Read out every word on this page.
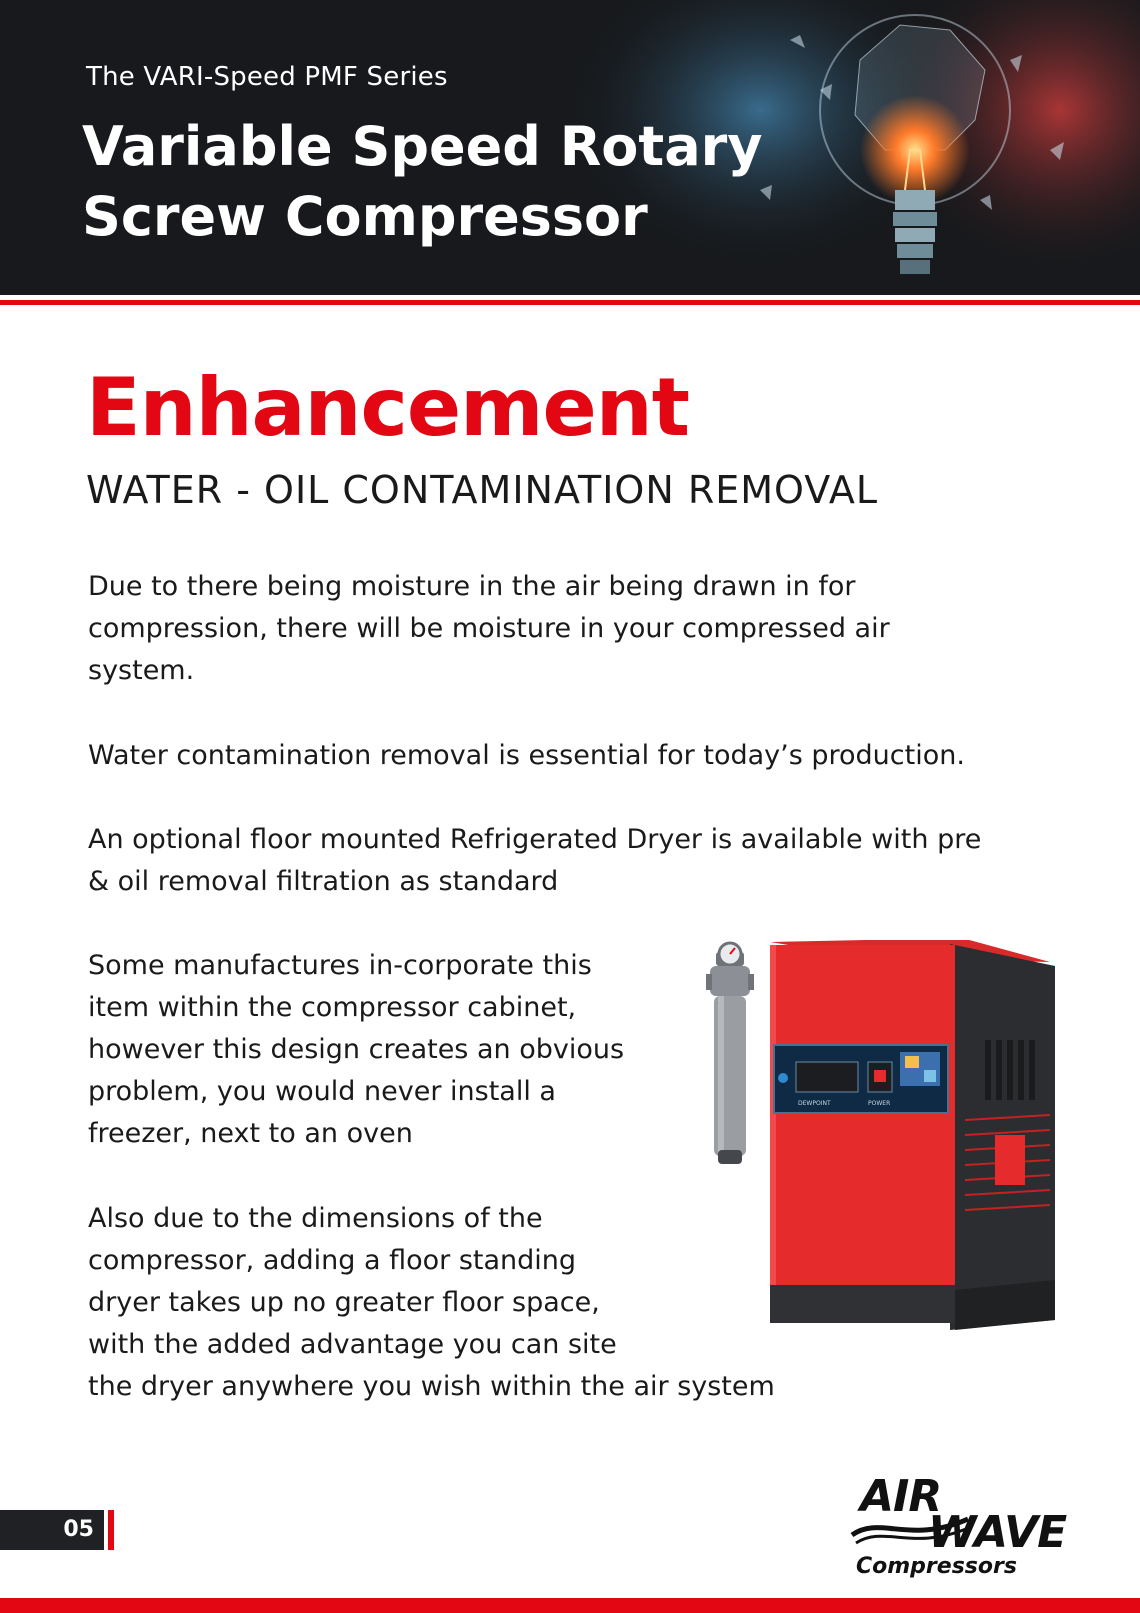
The VARI-Speed PMF Series
Variable Speed Rotary
Screw Compressor
Enhancement
WATER - OIL CONTAMINATION REMOVAL

Due to there being moisture in the air being drawn in for compression, there will be moisture in your compressed air system.

Water contamination removal is essential for today’s production.

An optional floor mounted Refrigerated Dryer is available with pre & oil removal filtration as standard

Some manufactures in-corporate this item within the compressor cabinet, however this design creates an obvious problem, you would never install a freezer, next to an oven

Also due to the dimensions of the
compressor, adding a floor standing
dryer takes up no greater floor space,
with the added advantage you can site
the dryer anywhere you wish within the air system

DEWPOINT	POWER
05
AIR
WAVE
Compressors
